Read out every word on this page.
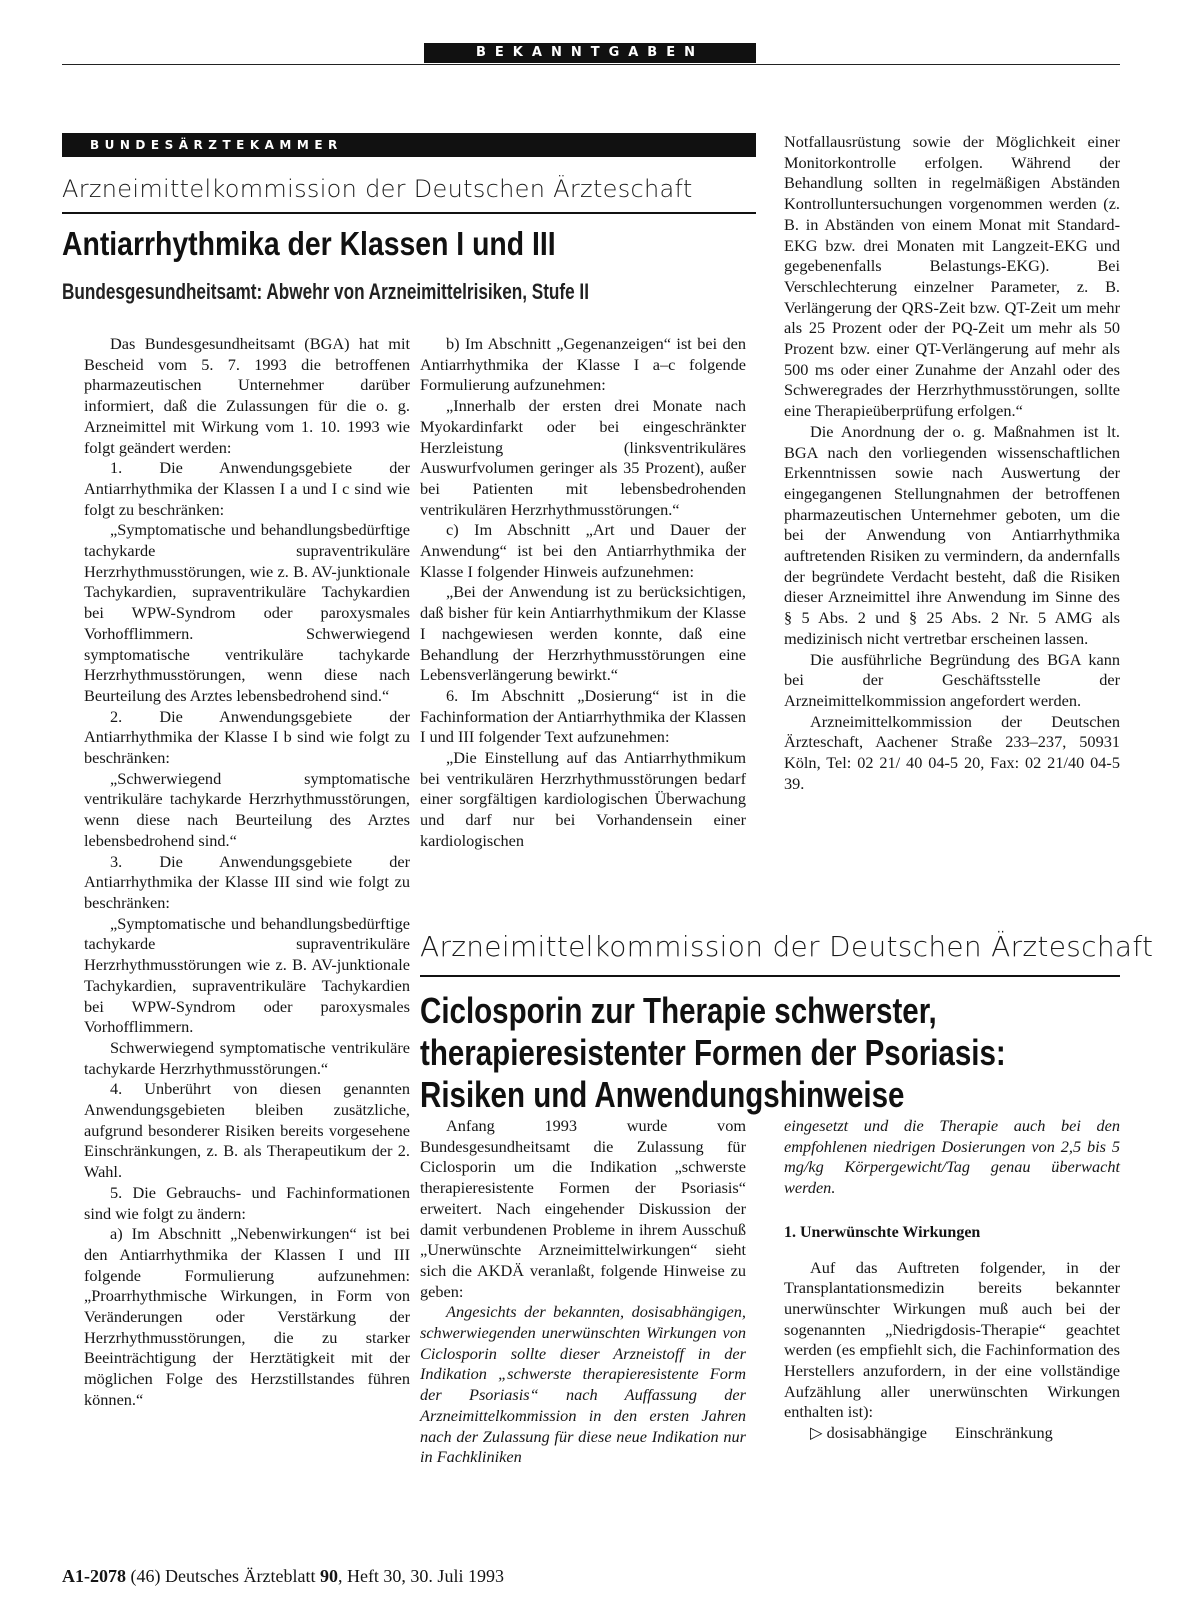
BEKANNTGABEN
BUNDESÄRZTEKAMMER
Arzneimittelkommission der Deutschen Ärzteschaft
Antiarrhythmika der Klassen I und III
Bundesgesundheitsamt: Abwehr von Arzneimittelrisiken, Stufe II

Das Bundesgesundheitsamt (BGA) hat mit Bescheid vom 5. 7. 1993 die betroffenen pharmazeutischen Unternehmer darüber informiert, daß die Zulassungen für die o. g. Arzneimittel mit Wirkung vom 1. 10. 1993 wie folgt geändert werden:

1. Die Anwendungsgebiete der Antiarrhythmika der Klassen I a und I c sind wie folgt zu beschränken:

„Symptomatische und behandlungsbedürftige tachykarde supraventrikuläre Herzrhythmusstörungen, wie z. B. AV-junktionale Tachykardien, supraventrikuläre Tachykardien bei WPW-Syndrom oder paroxysmales Vorhofflimmern. Schwerwiegend symptomatische ventrikuläre tachykarde Herzrhythmusstörungen, wenn diese nach Beurteilung des Arztes lebensbedrohend sind.“

2. Die Anwendungsgebiete der Antiarrhythmika der Klasse I b sind wie folgt zu beschränken:

„Schwerwiegend symptomatische ventrikuläre tachykarde Herzrhythmusstörungen, wenn diese nach Beurteilung des Arztes lebensbedrohend sind.“

3. Die Anwendungsgebiete der Antiarrhythmika der Klasse III sind wie folgt zu beschränken:

„Symptomatische und behandlungsbedürftige tachykarde supraventrikuläre Herzrhythmusstörungen wie z. B. AV-junktionale Tachykardien, supraventrikuläre Tachykardien bei WPW-Syndrom oder paroxysmales Vorhofflimmern.

Schwerwiegend symptomatische ventrikuläre tachykarde Herzrhythmusstörungen.“

4. Unberührt von diesen genannten Anwendungsgebieten bleiben zusätzliche, aufgrund besonderer Risiken bereits vorgesehene Einschränkungen, z. B. als Therapeutikum der 2. Wahl.

5. Die Gebrauchs- und Fachinformationen sind wie folgt zu ändern:

a) Im Abschnitt „Nebenwirkungen“ ist bei den Antiarrhythmika der Klassen I und III folgende Formulierung aufzunehmen: „Proarrhythmische Wirkungen, in Form von Veränderungen oder Verstärkung der Herzrhythmusstörungen, die zu starker Beeinträchtigung der Herztätigkeit mit der möglichen Folge des Herzstillstandes führen können.“

b) Im Abschnitt „Gegenanzeigen“ ist bei den Antiarrhythmika der Klasse I a–c folgende Formulierung aufzunehmen:

„Innerhalb der ersten drei Monate nach Myokardinfarkt oder bei eingeschränkter Herzleistung (linksventrikuläres Auswurfvolumen geringer als 35 Prozent), außer bei Patienten mit lebensbedrohenden ventrikulären Herzrhythmusstörungen.“

c) Im Abschnitt „Art und Dauer der Anwendung“ ist bei den Antiarrhythmika der Klasse I folgender Hinweis aufzunehmen:

„Bei der Anwendung ist zu berücksichtigen, daß bisher für kein Antiarrhythmikum der Klasse I nachgewiesen werden konnte, daß eine Behandlung der Herzrhythmusstörungen eine Lebensverlängerung bewirkt.“

6. Im Abschnitt „Dosierung“ ist in die Fachinformation der Antiarrhythmika der Klassen I und III folgender Text aufzunehmen:

„Die Einstellung auf das Antiarrhythmikum bei ventrikulären Herzrhythmusstörungen bedarf einer sorgfältigen kardiologischen Überwachung und darf nur bei Vorhandensein einer kardiologischen

Notfallausrüstung sowie der Möglichkeit einer Monitorkontrolle erfolgen. Während der Behandlung sollten in regelmäßigen Abständen Kontrolluntersuchungen vorgenommen werden (z. B. in Abständen von einem Monat mit Standard-EKG bzw. drei Monaten mit Langzeit-EKG und gegebenenfalls Belastungs-EKG). Bei Verschlechterung einzelner Parameter, z. B. Verlängerung der QRS-Zeit bzw. QT-Zeit um mehr als 25 Prozent oder der PQ-Zeit um mehr als 50 Prozent bzw. einer QT-Verlängerung auf mehr als 500 ms oder einer Zunahme der Anzahl oder des Schweregrades der Herzrhythmusstörungen, sollte eine Therapieüberprüfung erfolgen.“

Die Anordnung der o. g. Maßnahmen ist lt. BGA nach den vorliegenden wissenschaftlichen Erkenntnissen sowie nach Auswertung der eingegangenen Stellungnahmen der betroffenen pharmazeutischen Unternehmer geboten, um die bei der Anwendung von Antiarrhythmika auftretenden Risiken zu vermindern, da andernfalls der begründete Verdacht besteht, daß die Risiken dieser Arzneimittel ihre Anwendung im Sinne des § 5 Abs. 2 und § 25 Abs. 2 Nr. 5 AMG als medizinisch nicht vertretbar erscheinen lassen.

Die ausführliche Begründung des BGA kann bei der Geschäftsstelle der Arzneimittelkommission angefordert werden.

Arzneimittelkommission der Deutschen Ärzteschaft, Aachener Straße 233–237, 50931 Köln, Tel: 02 21/ 40 04-5 20, Fax: 02 21/40 04-5 39.

Arzneimittelkommission der Deutschen Ärzteschaft
Ciclosporin zur Therapie schwerster,
therapieresistenter Formen der Psoriasis:
Risiken und Anwendungshinweise

Anfang 1993 wurde vom Bundesgesundheitsamt die Zulassung für Ciclosporin um die Indikation „schwerste therapieresistente Formen der Psoriasis“ erweitert. Nach eingehender Diskussion der damit verbundenen Probleme in ihrem Ausschuß „Unerwünschte Arzneimittelwirkungen“ sieht sich die AKDÄ veranlaßt, folgende Hinweise zu geben:

Angesichts der bekannten, dosisabhängigen, schwerwiegenden unerwünschten Wirkungen von Ciclosporin sollte dieser Arzneistoff in der Indikation „schwerste therapieresistente Form der Psoriasis“ nach Auffassung der Arzneimittelkommission in den ersten Jahren nach der Zulassung für diese neue Indikation nur in Fachkliniken

eingesetzt und die Therapie auch bei den empfohlenen niedrigen Dosierungen von 2,5 bis 5 mg/kg Körpergewicht/Tag genau überwacht werden.

1. Unerwünschte Wirkungen

Auf das Auftreten folgender, in der Transplantationsmedizin bereits bekannter unerwünschter Wirkungen muß auch bei der sogenannten „Niedrigdosis-Therapie“ geachtet werden (es empfiehlt sich, die Fachinformation des Herstellers anzufordern, in der eine vollständige Aufzählung aller unerwünschten Wirkungen enthalten ist):

▷ dosisabhängige Einschränkung

A1-2078 (46) Deutsches Ärzteblatt 90, Heft 30, 30. Juli 1993
